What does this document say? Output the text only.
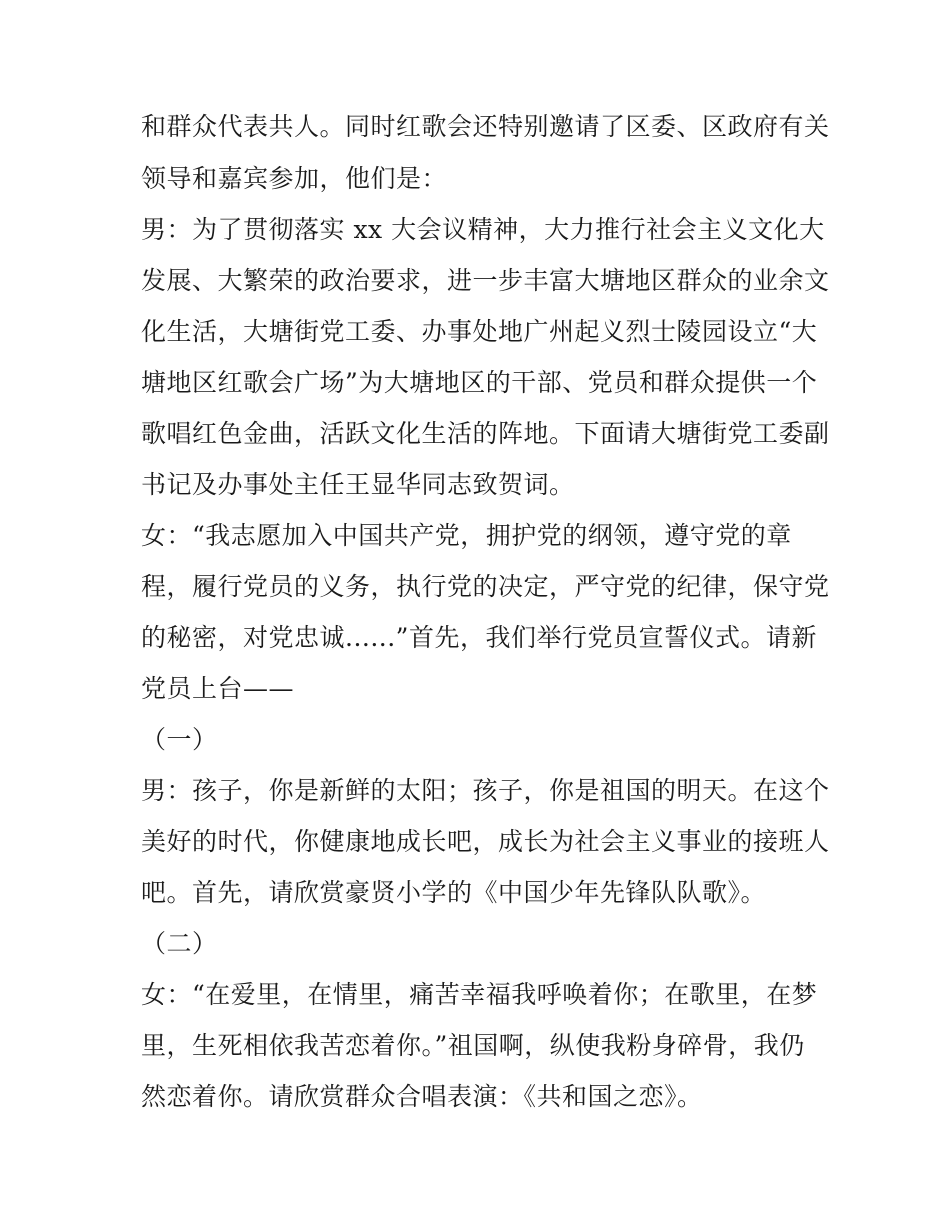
和群众代表共人。同时红歌会还特别邀请了区委、区政府有关
领导和嘉宾参加，他们是：
男：为了贯彻落实 xx 大会议精神，大力推行社会主义文化大
发展、大繁荣的政治要求，进一步丰富大塘地区群众的业余文
化生活，大塘街党工委、办事处地广州起义烈士陵园设立“大
塘地区红歌会广场”为大塘地区的干部、党员和群众提供一个
歌唱红色金曲，活跃文化生活的阵地。下面请大塘街党工委副
书记及办事处主任王显华同志致贺词。
女：“我志愿加入中国共产党，拥护党的纲领，遵守党的章
程，履行党员的义务，执行党的决定，严守党的纪律，保守党
的秘密，对党忠诚......”首先，我们举行党员宣誓仪式。请新
党员上台——
（一）
男：孩子，你是新鲜的太阳；孩子，你是祖国的明天。在这个
美好的时代，你健康地成长吧，成长为社会主义事业的接班人
吧。首先，请欣赏豪贤小学的《中国少年先锋队队歌》。
（二）
女：“在爱里，在情里，痛苦幸福我呼唤着你；在歌里，在梦
里，生死相依我苦恋着你。”祖国啊，纵使我粉身碎骨，我仍
然恋着你。请欣赏群众合唱表演：《共和国之恋》。
